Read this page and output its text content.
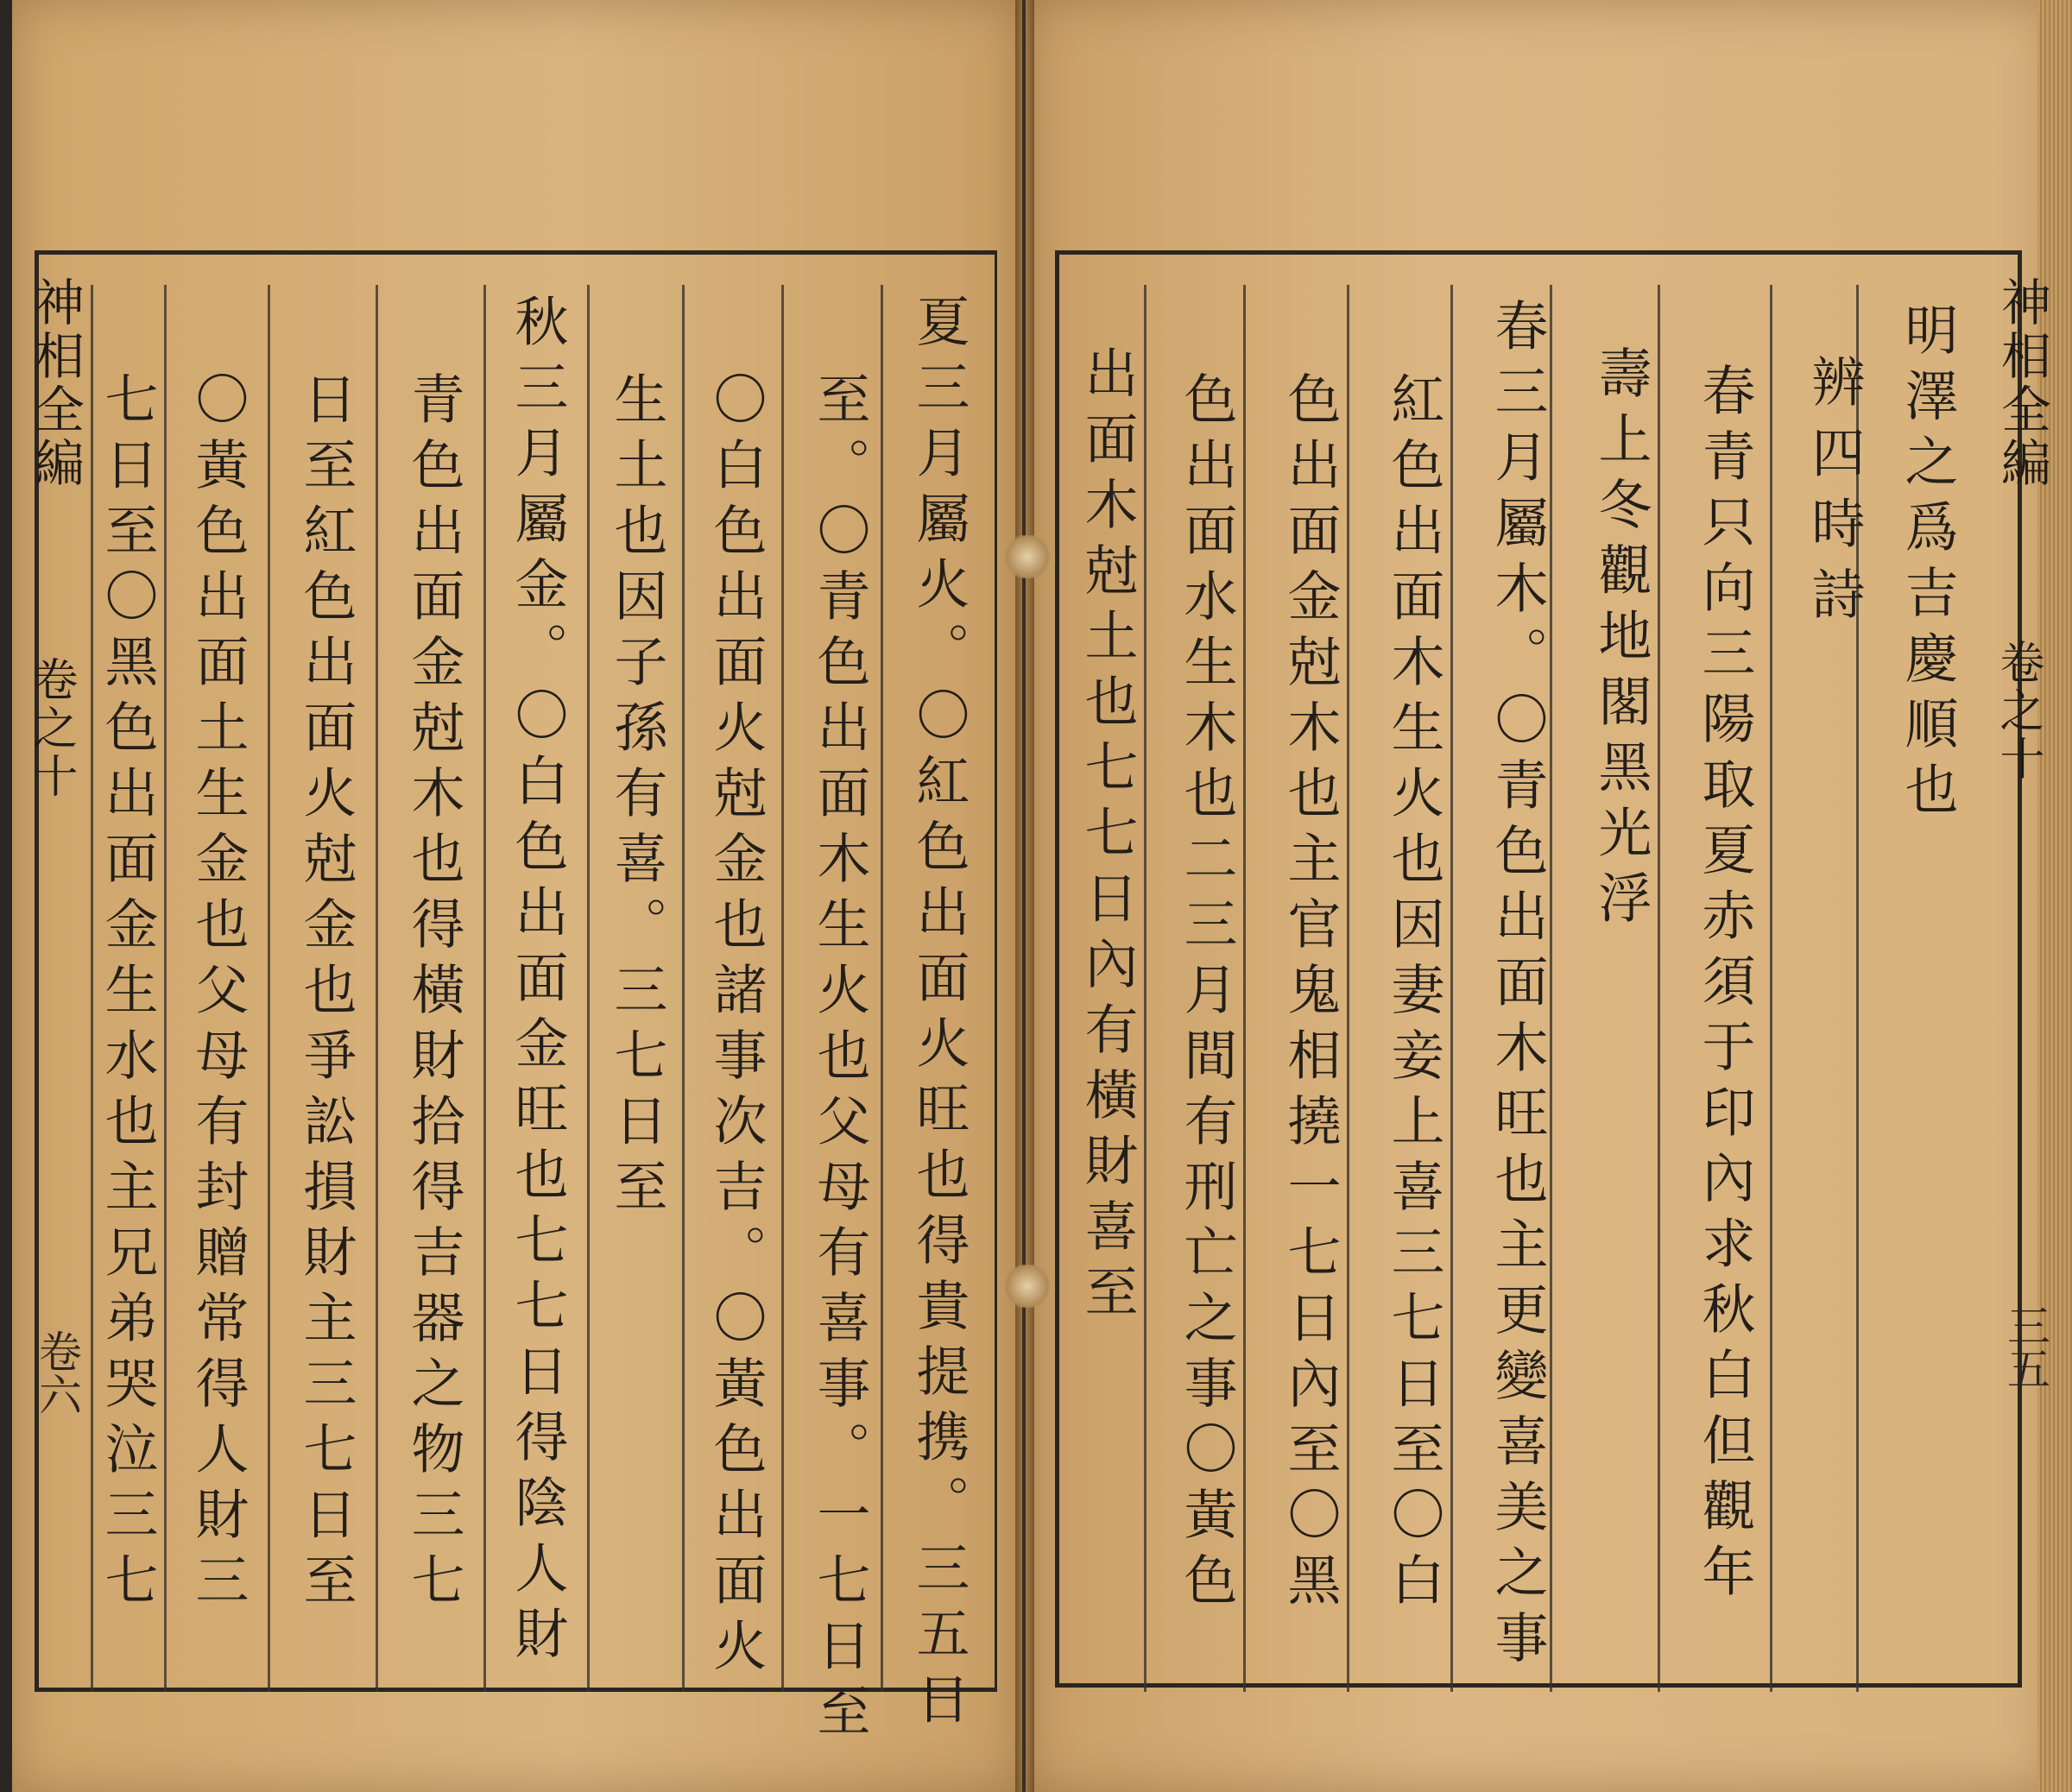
神相全編
卷之十
卷六	夏三月屬火。〇紅色出面火旺也得貴提携。三五日
至。〇青色出面木生火也父母有喜事。一七日至
〇白色出面火尅金也諸事次吉。〇黃色出面火
生土也因子孫有喜。三七日至
秋三月屬金。〇白色出面金旺也七七日得陰人財
青色出面金尅木也得橫財拾得吉器之物三七
日至紅色出面火尅金也爭訟損財主三七日至
〇黃色出面土生金也父母有封贈常得人財三
七日至〇黑色出面金生水也主兄弟哭泣三七	神相全編
卷之十
三五
明澤之爲吉慶順也
辨四時詩
春青只向三陽取夏赤須于印內求秋白但觀年
壽上冬觀地閣黑光浮
春三月屬木。〇青色出面木旺也主更變喜美之事
紅色出面木生火也因妻妾上喜三七日至〇白
色出面金尅木也主官鬼相撓一七日內至〇黑
色出面水生木也二三月間有刑亡之事〇黃色
出面木尅土也七七日內有橫財喜至
